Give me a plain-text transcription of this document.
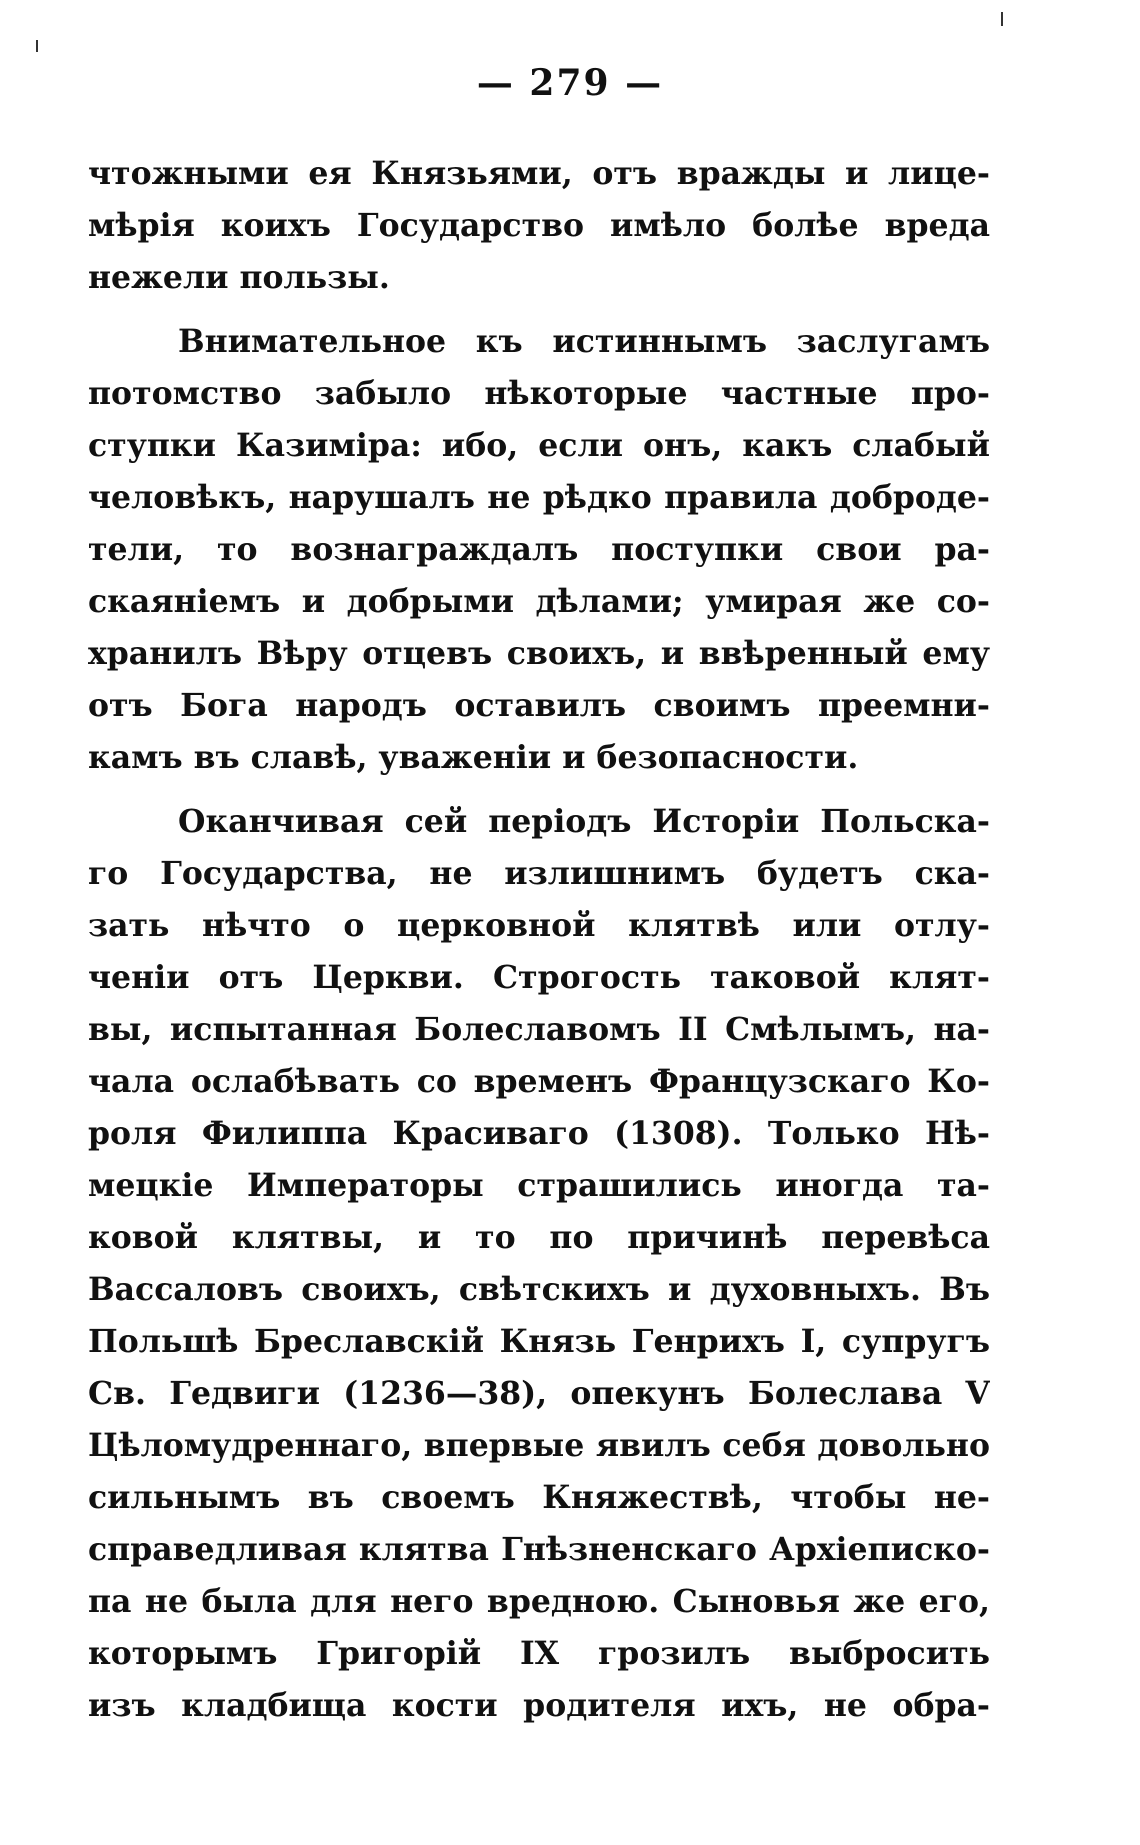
— 279 —
чтожными ея Князьями, отъ вражды и лице-
мѣрія коихъ Государство имѣло болѣе вреда
нежели пользы.
Внимательное къ истиннымъ заслугамъ
потомство забыло нѣкоторые частные про-
ступки Казиміра: ибо, если онъ, какъ слабый
человѣкъ, нарушалъ не рѣдко правила доброде-
тели, то вознаграждалъ поступки свои ра-
скаяніемъ и добрыми дѣлами; умирая же со-
хранилъ Вѣру отцевъ своихъ, и ввѣренный ему
отъ Бога народъ оставилъ своимъ преемни-
камъ въ славѣ, уваженіи и безопасности.
Оканчивая сей періодъ Исторіи Польска-
го Государства, не излишнимъ будетъ ска-
зать нѣчто о церковной клятвѣ или отлу-
ченіи отъ Церкви. Строгость таковой клят-
вы, испытанная Болеславомъ II Смѣлымъ, на-
чала ослабѣвать со временъ Французскаго Ко-
роля Филиппа Красиваго (1308). Только Нѣ-
мецкіе Императоры страшились иногда та-
ковой клятвы, и то по причинѣ перевѣса
Вассаловъ своихъ, свѣтскихъ и духовныхъ. Въ
Польшѣ Бреславскій Князь Генрихъ I, супругъ
Св. Гедвиги (1236—38), опекунъ Болеслава V
Цѣломудреннаго, впервые явилъ себя довольно
сильнымъ въ своемъ Княжествѣ, чтобы не-
справедливая клятва Гнѣзненскаго Архіеписко-
па не была для него вредною. Сыновья же его,
которымъ Григорій IX грозилъ выбросить
изъ кладбища кости родителя ихъ, не обра-
